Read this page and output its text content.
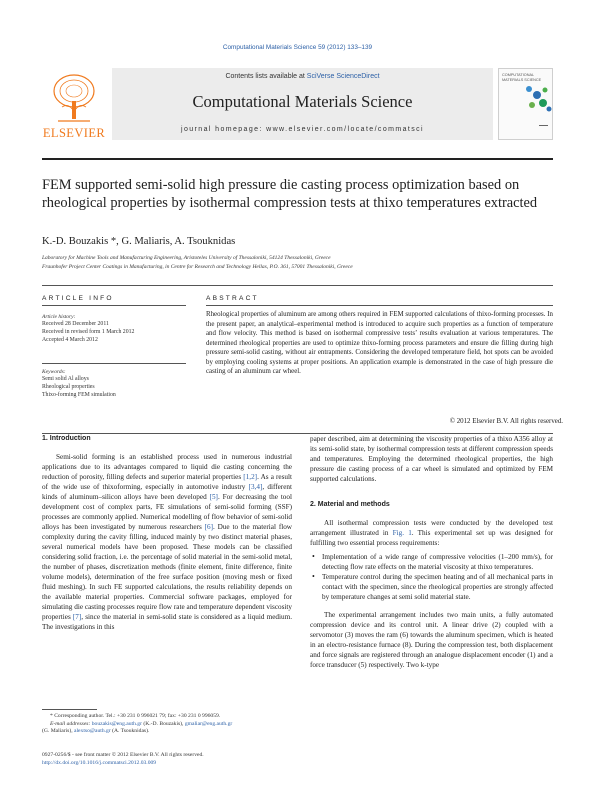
Computational Materials Science 59 (2012) 133–139
ELSEVIER
Contents lists available at SciVerse ScienceDirect
Computational Materials Science
journal homepage: www.elsevier.com/locate/commatsci
COMPUTATIONAL MATERIALS SCIENCE
FEM supported semi-solid high pressure die casting process optimization based on rheological properties by isothermal compression tests at thixo temperatures extracted
K.-D. Bouzakis *, G. Maliaris, A. Tsouknidas
Laboratory for Machine Tools and Manufacturing Engineering, Aristoteles University of Thessaloniki, 54124 Thessaloniki, Greece
Fraunhofer Project Center Coatings in Manufacturing, in Centre for Research and Technology Hellas, P.O. 361, 57001 Thessaloniki, Greece
ARTICLE INFO	ABSTRACT
Article history:
Received 28 December 2011
Received in revised form 1 March 2012
Accepted 4 March 2012
Keywords:
Semi solid Al alloys
Rheological properties
Thixo-forming FEM simulation
Rheological properties of aluminum are among others required in FEM supported calculations of thixo-forming processes. In the present paper, an analytical–experimental method is introduced to acquire such properties as a function of temperature and flow velocity. This method is based on isothermal compressive tests’ results evaluation at various temperatures. The determined rheological properties are used to optimize thixo-forming process parameters and ensure die filling during high pressure semi-solid casting, without air entrapments. Considering the developed temperature field, hot spots can be avoided by employing cooling systems at proper positions. An application example is demonstrated in the case of high pressure die casting of an aluminum car wheel.
© 2012 Elsevier B.V. All rights reserved.
1. Introduction

Semi-solid forming is an established process used in numerous industrial applications due to its advantages compared to liquid die casting concerning the reduction of porosity, filling defects and superior material properties [1,2]. As a result of the wide use of thixoforming, especially in automotive industry [3,4], different kinds of aluminum–silicon alloys have been developed [5]. For decreasing the tool development cost of complex parts, FE simulations of semi-solid forming (SSF) processes are commonly applied. Numerical modelling of flow behavior of semi-solid alloys has been investigated by numerous researchers [6]. Due to the material flow complexity during the cavity filling, induced mainly by two distinct material phases, several numerical models have been proposed. These models can be classified considering solid fraction, i.e. the percentage of solid material in the semi-solid metal, the number of phases, discretization methods (finite element, finite difference, finite volume models), determination of the free surface position (moving mesh or fixed fluid meshing). In such FE supported calculations, the results reliability depends on the available material properties. Commercial software packages, employed for simulating die casting processes require flow rate and temperature dependent viscosity properties [7], since the material in semi-solid state is considered as a liquid medium. The investigations in this

paper described, aim at determining the viscosity properties of a thixo A356 alloy at its semi-solid state, by isothermal compression tests at different compression speeds and temperatures. Employing the determined rheological properties, the high pressure die casting process of a car wheel is simulated and optimized by FEM supported calculations.

2. Material and methods

All isothermal compression tests were conducted by the developed test arrangement illustrated in Fig. 1. This experimental set up was designed for fulfilling two essential process requirements:

• Implementation of a wide range of compressive velocities (1–200 mm/s), for detecting flow rate effects on the material viscosity at thixo temperatures.
• Temperature control during the specimen heating and of all mechanical parts in contact with the specimen, since the rheological properties are strongly affected by temperature changes at semi solid material state.

The experimental arrangement includes two main units, a fully automated compression device and its control unit. A linear drive (2) coupled with a servomotor (3) moves the ram (6) towards the aluminum specimen, which is heated in an electro-resistance furnace (8). During the compression test, both displacement and force signals are registered through an analogue displacement encoder (1) and a force transducer (5) respectively. Two k-type

* Corresponding author. Tel.: +30 231 0 996021 79; fax: +30 231 0 996059.
E-mail addresses: bouzakis@eng.auth.gr (K.-D. Bouzakis), gmaliar@eng.auth.gr
(G. Maliaris), alextso@auth.gr (A. Tsouknidas).
0927-0256/$ - see front matter © 2012 Elsevier B.V. All rights reserved.
http://dx.doi.org/10.1016/j.commatsci.2012.03.009
